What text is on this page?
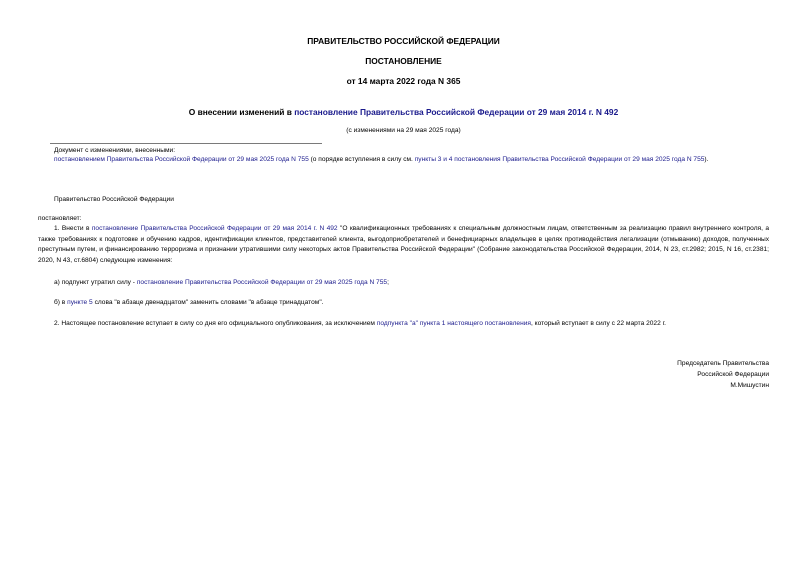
ПРАВИТЕЛЬСТВО РОССИЙСКОЙ ФЕДЕРАЦИИ
ПОСТАНОВЛЕНИЕ
от 14 марта 2022 года N 365
О внесении изменений в постановление Правительства Российской Федерации от 29 мая 2014 г. N 492
(с изменениями на 29 мая 2025 года)
Документ с изменениями, внесенными:
постановлением Правительства Российской Федерации от 29 мая 2025 года N 755 (о порядке вступления в силу см. пункты 3 и 4 постановления Правительства Российской Федерации от 29 мая 2025 года N 755).
Правительство Российской Федерации
постановляет:
1. Внести в постановление Правительства Российской Федерации от 29 мая 2014 г. N 492 "О квалификационных требованиях к специальным должностным лицам, ответственным за реализацию правил внутреннего контроля, а также требованиях к подготовке и обучению кадров, идентификации клиентов, представителей клиента, выгодоприобретателей и бенефициарных владельцев в целях противодействия легализации (отмыванию) доходов, полученных преступным путем, и финансированию терроризма и признании утратившими силу некоторых актов Правительства Российской Федерации" (Собрание законодательства Российской Федерации, 2014, N 23, ст.2982; 2015, N 16, ст.2381; 2020, N 43, ст.6804) следующие изменения:
а) подпункт утратил силу - постановление Правительства Российской Федерации от 29 мая 2025 года N 755;
б) в пункте 5 слова "в абзаце двенадцатом" заменить словами "в абзаце тринадцатом".
2. Настоящее постановление вступает в силу со дня его официального опубликования, за исключением подпункта "а" пункта 1 настоящего постановления, который вступает в силу с 22 марта 2022 г.
Председатель Правительства
Российской Федерации
М.Мишустин
